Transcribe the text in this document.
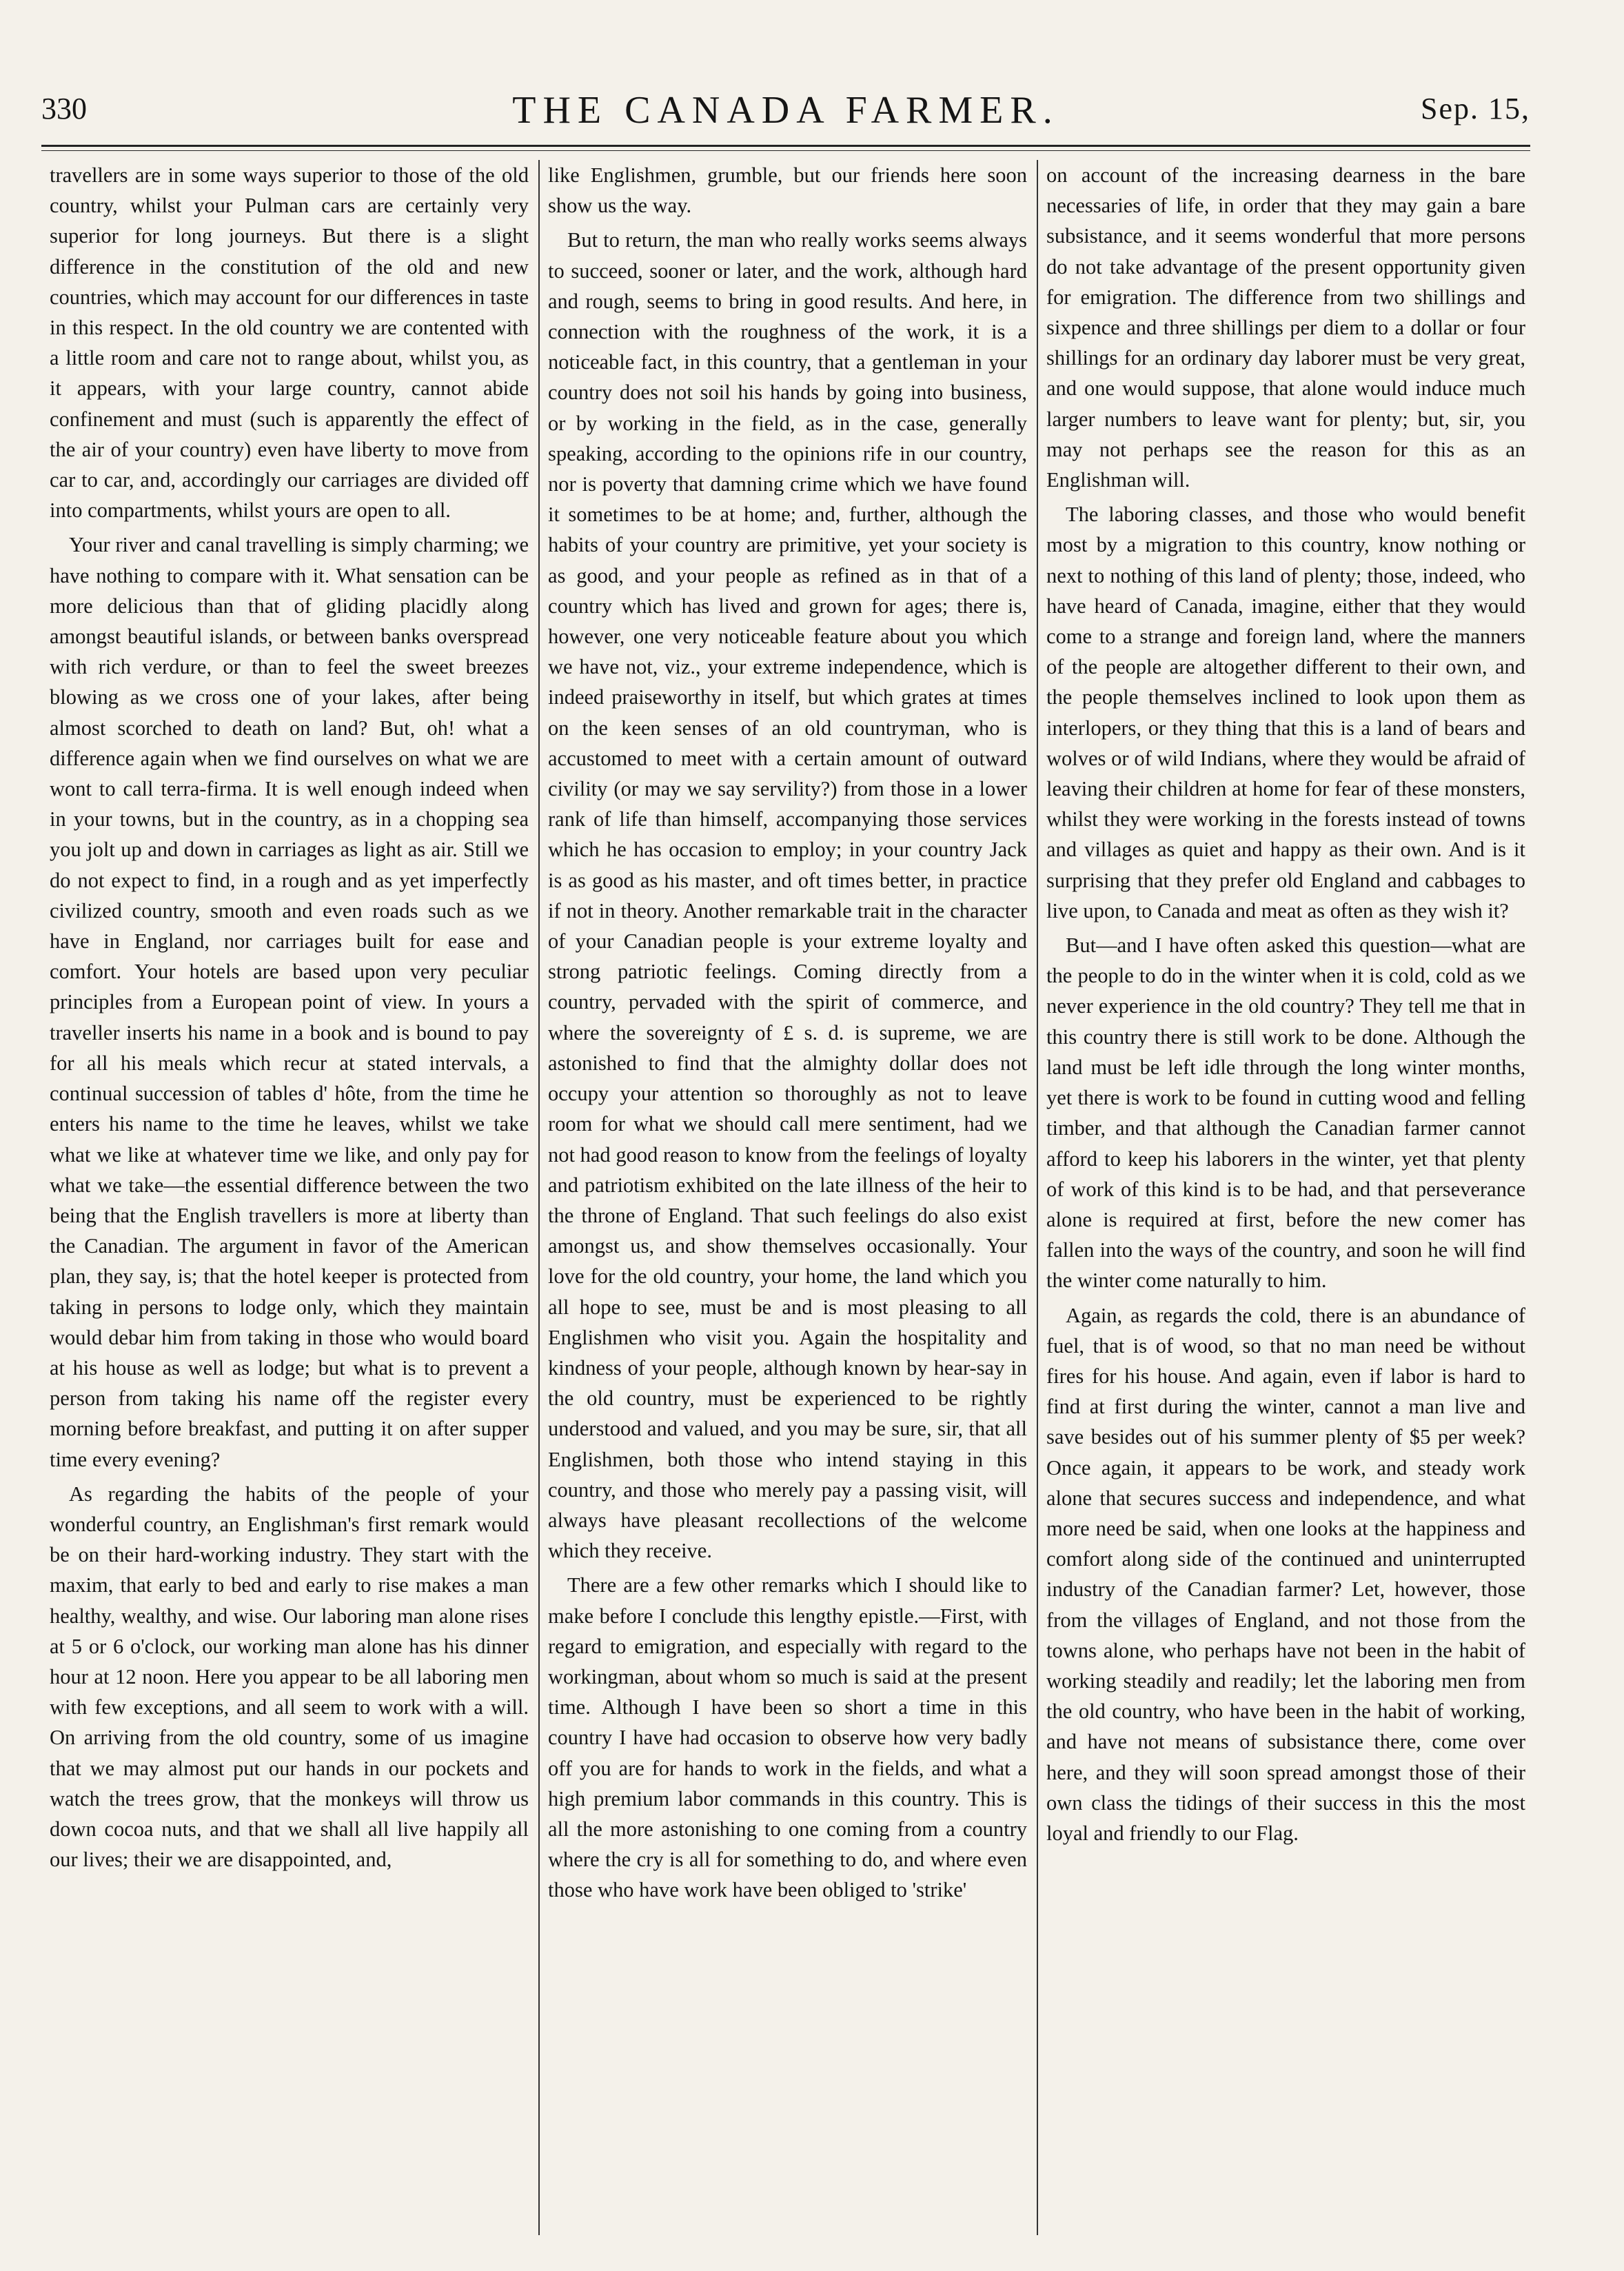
330	THE CANADA FARMER.	Sep. 15,

travellers are in some ways superior to those of the old country, whilst your Pulman cars are certainly very superior for long journeys. But there is a slight difference in the constitution of the old and new countries, which may account for our differences in taste in this respect. In the old country we are contented with a little room and care not to range about, whilst you, as it appears, with your large country, cannot abide confinement and must (such is apparently the effect of the air of your country) even have liberty to move from car to car, and, accordingly our carriages are divided off into compartments, whilst yours are open to all.

Your river and canal travelling is simply charming; we have nothing to compare with it. What sensation can be more delicious than that of gliding placidly along amongst beautiful islands, or between banks overspread with rich verdure, or than to feel the sweet breezes blowing as we cross one of your lakes, after being almost scorched to death on land? But, oh! what a difference again when we find ourselves on what we are wont to call terra-firma. It is well enough indeed when in your towns, but in the country, as in a chopping sea you jolt up and down in carriages as light as air. Still we do not expect to find, in a rough and as yet imperfectly civilized country, smooth and even roads such as we have in England, nor carriages built for ease and comfort. Your hotels are based upon very peculiar principles from a European point of view. In yours a traveller inserts his name in a book and is bound to pay for all his meals which recur at stated intervals, a continual succession of tables d' hôte, from the time he enters his name to the time he leaves, whilst we take what we like at whatever time we like, and only pay for what we take—the essential difference between the two being that the English travellers is more at liberty than the Canadian. The argument in favor of the American plan, they say, is; that the hotel keeper is protected from taking in persons to lodge only, which they maintain would debar him from taking in those who would board at his house as well as lodge; but what is to prevent a person from taking his name off the register every morning before breakfast, and putting it on after supper time every evening?

As regarding the habits of the people of your wonderful country, an Englishman's first remark would be on their hard-working industry. They start with the maxim, that early to bed and early to rise makes a man healthy, wealthy, and wise. Our laboring man alone rises at 5 or 6 o'clock, our working man alone has his dinner hour at 12 noon. Here you appear to be all laboring men with few exceptions, and all seem to work with a will. On arriving from the old country, some of us imagine that we may almost put our hands in our pockets and watch the trees grow, that the monkeys will throw us down cocoa nuts, and that we shall all live happily all our lives; their we are disappointed, and,

like Englishmen, grumble, but our friends here soon show us the way.

But to return, the man who really works seems always to succeed, sooner or later, and the work, although hard and rough, seems to bring in good results. And here, in connection with the roughness of the work, it is a noticeable fact, in this country, that a gentleman in your country does not soil his hands by going into business, or by working in the field, as in the case, generally speaking, according to the opinions rife in our country, nor is poverty that damning crime which we have found it sometimes to be at home; and, further, although the habits of your country are primitive, yet your society is as good, and your people as refined as in that of a country which has lived and grown for ages; there is, however, one very noticeable feature about you which we have not, viz., your extreme independence, which is indeed praiseworthy in itself, but which grates at times on the keen senses of an old countryman, who is accustomed to meet with a certain amount of outward civility (or may we say servility?) from those in a lower rank of life than himself, accompanying those services which he has occasion to employ; in your country Jack is as good as his master, and oft times better, in practice if not in theory. Another remarkable trait in the character of your Canadian people is your extreme loyalty and strong patriotic feelings. Coming directly from a country, pervaded with the spirit of commerce, and where the sovereignty of £ s. d. is supreme, we are astonished to find that the almighty dollar does not occupy your attention so thoroughly as not to leave room for what we should call mere sentiment, had we not had good reason to know from the feelings of loyalty and patriotism exhibited on the late illness of the heir to the throne of England. That such feelings do also exist amongst us, and show themselves occasionally. Your love for the old country, your home, the land which you all hope to see, must be and is most pleasing to all Englishmen who visit you. Again the hospitality and kindness of your people, although known by hear-say in the old country, must be experienced to be rightly understood and valued, and you may be sure, sir, that all Englishmen, both those who intend staying in this country, and those who merely pay a passing visit, will always have pleasant recollections of the welcome which they receive.

There are a few other remarks which I should like to make before I conclude this lengthy epistle.—First, with regard to emigration, and especially with regard to the workingman, about whom so much is said at the present time. Although I have been so short a time in this country I have had occasion to observe how very badly off you are for hands to work in the fields, and what a high premium labor commands in this country. This is all the more astonishing to one coming from a country where the cry is all for something to do, and where even those who have work have been obliged to 'strike'

on account of the increasing dearness in the bare necessaries of life, in order that they may gain a bare subsistance, and it seems wonderful that more persons do not take advantage of the present opportunity given for emigration. The difference from two shillings and sixpence and three shillings per diem to a dollar or four shillings for an ordinary day laborer must be very great, and one would suppose, that alone would induce much larger numbers to leave want for plenty; but, sir, you may not perhaps see the reason for this as an Englishman will.

The laboring classes, and those who would benefit most by a migration to this country, know nothing or next to nothing of this land of plenty; those, indeed, who have heard of Canada, imagine, either that they would come to a strange and foreign land, where the manners of the people are altogether different to their own, and the people themselves inclined to look upon them as interlopers, or they thing that this is a land of bears and wolves or of wild Indians, where they would be afraid of leaving their children at home for fear of these monsters, whilst they were working in the forests instead of towns and villages as quiet and happy as their own. And is it surprising that they prefer old England and cabbages to live upon, to Canada and meat as often as they wish it?

But—and I have often asked this question—what are the people to do in the winter when it is cold, cold as we never experience in the old country? They tell me that in this country there is still work to be done. Although the land must be left idle through the long winter months, yet there is work to be found in cutting wood and felling timber, and that although the Canadian farmer cannot afford to keep his laborers in the winter, yet that plenty of work of this kind is to be had, and that perseverance alone is required at first, before the new comer has fallen into the ways of the country, and soon he will find the winter come naturally to him.

Again, as regards the cold, there is an abundance of fuel, that is of wood, so that no man need be without fires for his house. And again, even if labor is hard to find at first during the winter, cannot a man live and save besides out of his summer plenty of $5 per week? Once again, it appears to be work, and steady work alone that secures success and independence, and what more need be said, when one looks at the happiness and comfort along side of the continued and uninterrupted industry of the Canadian farmer? Let, however, those from the villages of England, and not those from the towns alone, who perhaps have not been in the habit of working steadily and readily; let the laboring men from the old country, who have been in the habit of working, and have not means of subsistance there, come over here, and they will soon spread amongst those of their own class the tidings of their success in this the most loyal and friendly to our Flag.
